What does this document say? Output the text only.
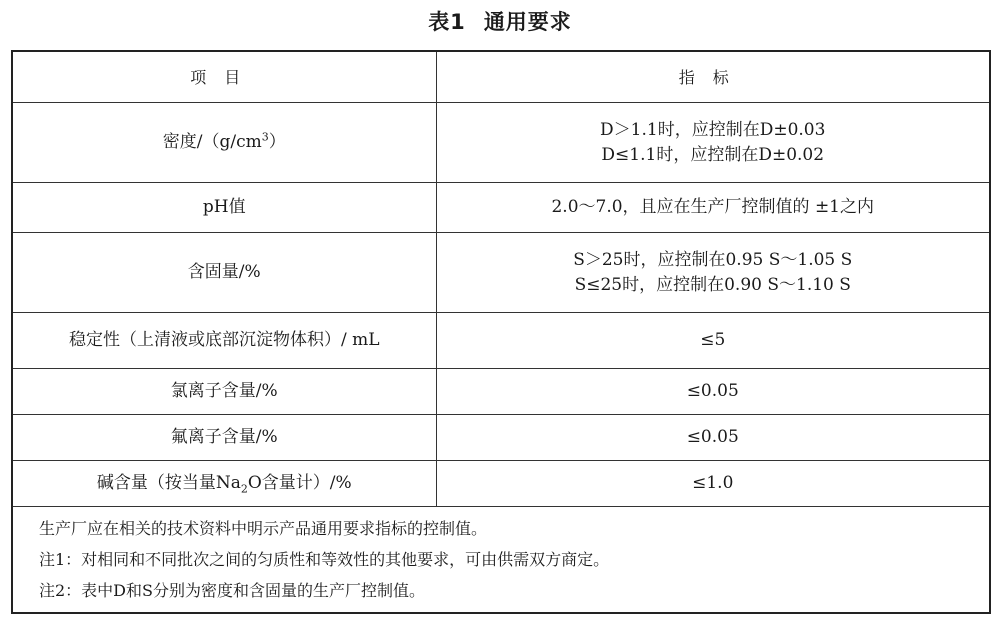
表1 通用要求
项目	指标
密度$/(g/cm^3)$	D＞1.1时，应控制在D±0.03
D≤1.1时，应控制在D±0.02

pH值	2.0～7.0，且应在生产厂控制值的 ±1之内
含固量/%	S＞25时，应控制在0.95 S～1.05 S
S≤25时，应控制在0.90 S～1.10 S

稳定性（上清液或底部沉淀物体积）/ mL	≤5
氯离子含量/%	≤0.05
氟离子含量/%	≤0.05
碱含量（按当量$Na_2O$含量计）/%	≤1.0

生产厂应在相关的技术资料中明示产品通用要求指标的控制值。
注1：对相同和不同批次之间的匀质性和等效性的其他要求，可由供需双方商定。
注2：表中D和S分别为密度和含固量的生产厂控制值。	
